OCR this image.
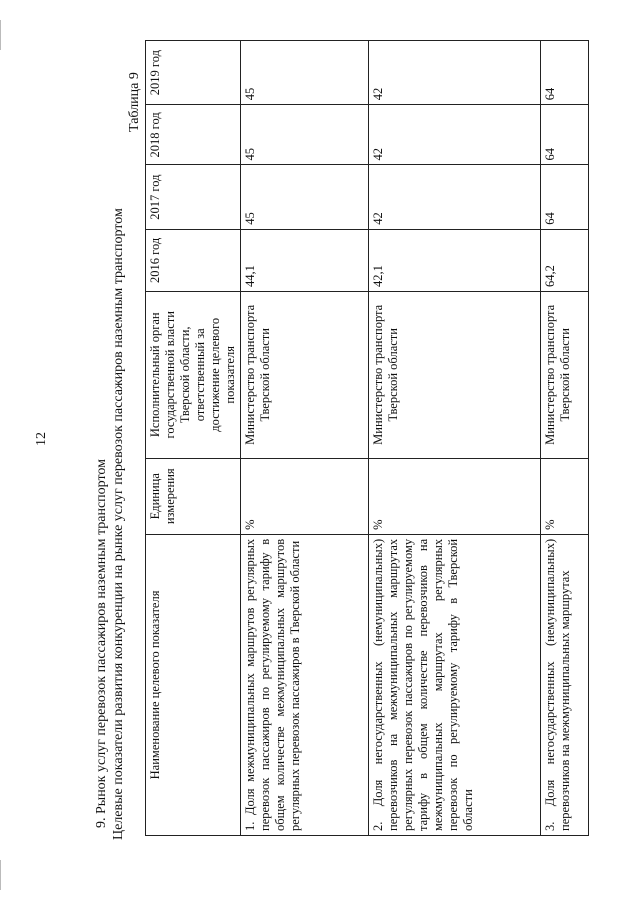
12
9. Рынок услуг перевозок пассажиров наземным транспортом Целевые показатели развития конкуренции на рынке услуг перевозок пассажиров наземным транспортом
Таблица 9
Наименование целевого показателя	Единица измерения	Исполнительный орган государственной власти Тверской области, ответственный за достижение целевого показателя	2016 год	2017 год	2018 год	2019 год
1. Доля межмуниципальных маршрутов регулярных перевозок пассажиров по регулируемому тарифу в общем количестве межмуниципальных маршрутов регулярных перевозок пассажиров в Тверской области	%	Министерство транспорта Тверской области	44,1	45	45	45
2. Доля негосударственных (немуниципальных) перевозчиков на межмуниципальных маршрутах регулярных перевозок пассажиров по регулируемому тарифу в общем количестве перевозчиков на межмуниципальных маршрутах регулярных перевозок по регулируемому тарифу в Тверской области	%	Министерство транспорта Тверской области	42,1	42	42	42
3. Доля негосударственных (немуниципальных) перевозчиков на межмуниципальных маршрутах	%	Министерство транспорта Тверской области	64,2	64	64	64
